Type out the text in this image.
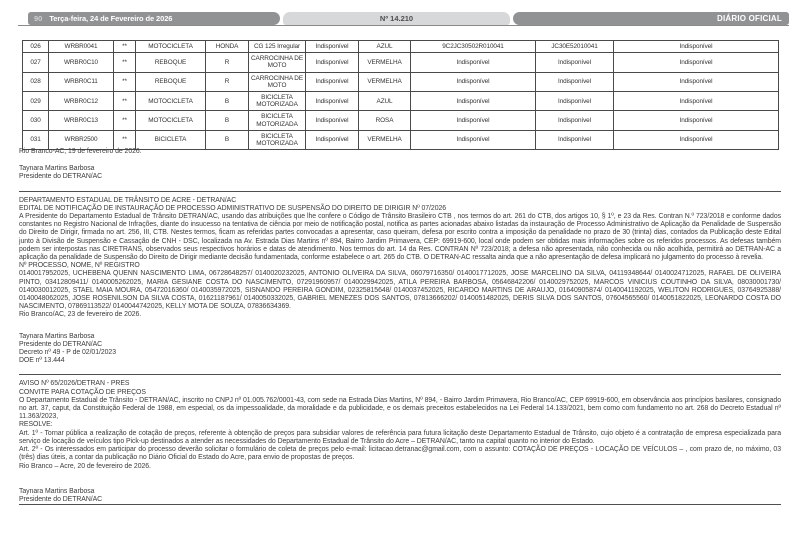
90 Terça-feira, 24 de Fevereiro de 2026	Nº 14.210	DIÁRIO OFICIAL
026	WRBR0041	**	MOTOCICLETA	HONDA	CG 125 Irregular	Indisponível	AZUL	9C2JC30502R010041	JC30E52010041	Indisponível
027	WRBR0C10	**	REBOQUE	R	CARROCINHA DE MOTO	Indisponível	VERMELHA	Indisponível	Indisponível	Indisponível
028	WRBR0C11	**	REBOQUE	R	CARROCINHA DE MOTO	Indisponível	VERMELHA	Indisponível	Indisponível	Indisponível
029	WRBR0C12	**	MOTOCICLETA	B	BICICLETA MOTORIZADA	Indisponível	AZUL	Indisponível	Indisponível	Indisponível
030	WRBR0C13	**	MOTOCICLETA	B	BICICLETA MOTORIZADA	Indisponível	ROSA	Indisponível	Indisponível	Indisponível
031	WRBR2500	**	BICICLETA	B	BICICLETA MOTORIZADA	Indisponível	VERMELHA	Indisponível	Indisponível	Indisponível

Rio Branco-AC, 19 de fevereiro de 2026.

Taynara Martins Barbosa

Presidente do DETRAN/AC

DEPARTAMENTO ESTADUAL DE TRÂNSITO DE ACRE - DETRAN/AC

EDITAL DE NOTIFICAÇÃO DE INSTAURAÇÃO DE PROCESSO ADMINISTRATIVO DE SUSPENSÃO DO DIREITO DE DIRIGIR Nº 07/2026

A Presidente do Departamento Estadual de Trânsito DETRAN/AC, usando das atribuições que lhe confere o Código de Trânsito Brasileiro CTB , nos termos do art. 261 do CTB, dos artigos 10, § 1º, e 23 da Res. Contran N.º 723/2018 e conforme dados constantes no Registro Nacional de Infrações, diante do insucesso na tentativa de ciência por meio de notificação postal, notifica as partes acionadas abaixo listadas da instauração de Processo Administrativo de Aplicação da Penalidade de Suspensão do Direito de Dirigir, firmada no art. 256, III, CTB. Nestes termos, ficam as referidas partes convocadas a apresentar, caso queiram, defesa por escrito contra a imposição da penalidade no prazo de 30 (trinta) dias, contados da Publicação deste Edital junto à Divisão de Suspensão e Cassação de CNH - DSC, localizada na Av. Estrada Dias Martins nº 894, Bairro Jardim Primavera, CEP: 69919-600, local onde podem ser obtidas mais informações sobre os referidos processos. As defesas também podem ser interpostas nas CIRETRANS, observados seus respectivos horários e datas de atendimento. Nos termos do art. 14 da Res. CONTRAN Nº 723/2018; a defesa não apresentada, não conhecida ou não acolhida, permitirá ao DETRAN-AC a aplicação da penalidade de Suspensão do Direito de Dirigir mediante decisão fundamentada, conforme estabelece o art. 265 do CTB. O DETRAN-AC ressalta ainda que a não apresentação de defesa implicará no julgamento do processo à revelia.

Nº PROCESSO, NOME, Nº REGISTRO

0140017952025, UCHEBENA QUENN NASCIMENTO LIMA, 06728648257/ 0140020232025, ANTONIO OLIVEIRA DA SILVA, 06079716350/ 0140017712025, JOSE MARCELINO DA SILVA, 04119348644/ 0140024712025, RAFAEL DE OLIVEIRA PINTO, 03412809411/ 0140005262025, MARIA GESIANE COSTA DO NASCIMENTO, 07291960957/ 0140029942025, ATILA PEREIRA BARBOSA, 05646842206/ 0140029752025, MARCOS VINICIUS COUTINHO DA SILVA, 08030001730/ 0140030012025, STAEL MAIA MOURA, 05472016360/ 0140035972025, SISNANDO PEREIRA GONDIM, 02325815648/ 0140037452025, RICARDO MARTINS DE ARAUJO, 01640905874/ 0140041192025, WELITON RODRIGUES, 03764925388/ 0140048062025, JOSE ROSENILSON DA SILVA COSTA, 01621187961/ 0140050332025, GABRIEL MENEZES DOS SANTOS, 07813666202/ 0140051482025, DERIS SILVA DOS SANTOS, 07604565560/ 0140051822025, LEONARDO COSTA DO NASCIMENTO, 07869113522/ 0140044742025, KELLY MOTA DE SOUZA, 07836634369.

Rio Branco/AC, 23 de fevereiro de 2026.

Taynara Martins Barbosa

Presidente do DETRAN/AC

Decreto nº 49 - P de 02/01/2023

DOE nº 13.444

AVISO Nº 65/2026/DETRAN - PRES

CONVITE PARA COTAÇÃO DE PREÇOS

O Departamento Estadual de Trânsito - DETRAN/AC, inscrito no CNPJ nº 01.005.762/0001-43, com sede na Estrada Dias Martins, Nº 894, - Bairro Jardim Primavera, Rio Branco/AC, CEP 69919-600, em observância aos princípios basilares, consignado no art. 37, caput, da Constituição Federal de 1988, em especial, os da impessoalidade, da moralidade e da publicidade, e os demais preceitos estabelecidos na Lei Federal 14.133/2021, bem como com fundamento no art. 268 do Decreto Estadual nº 11.363/2023,

RESOLVE:

Art. 1º - Tornar pública a realização de cotação de preços, referente à obtenção de preços para subsidiar valores de referência para futura licitação deste Departamento Estadual de Trânsito, cujo objeto é a contratação de empresa especializada para serviço de locação de veículos tipo Pick-up destinados a atender as necessidades do Departamento Estadual de Trânsito do Acre – DETRAN/AC, tanto na capital quanto no interior do Estado.

Art. 2º - Os interessados em participar do processo deverão solicitar o formulário de coleta de preços pelo e-mail: licitacao.detranac@gmail.com, com o assunto: COTAÇÃO DE PREÇOS - LOCAÇÃO DE VEÍCULOS – , com prazo de, no máximo, 03 (três) dias úteis, a contar da publicação no Diário Oficial do Estado do Acre, para envio de propostas de preços.

Rio Branco – Acre, 20 de fevereiro de 2026.

Taynara Martins Barbosa

Presidente do DETRAN/AC
